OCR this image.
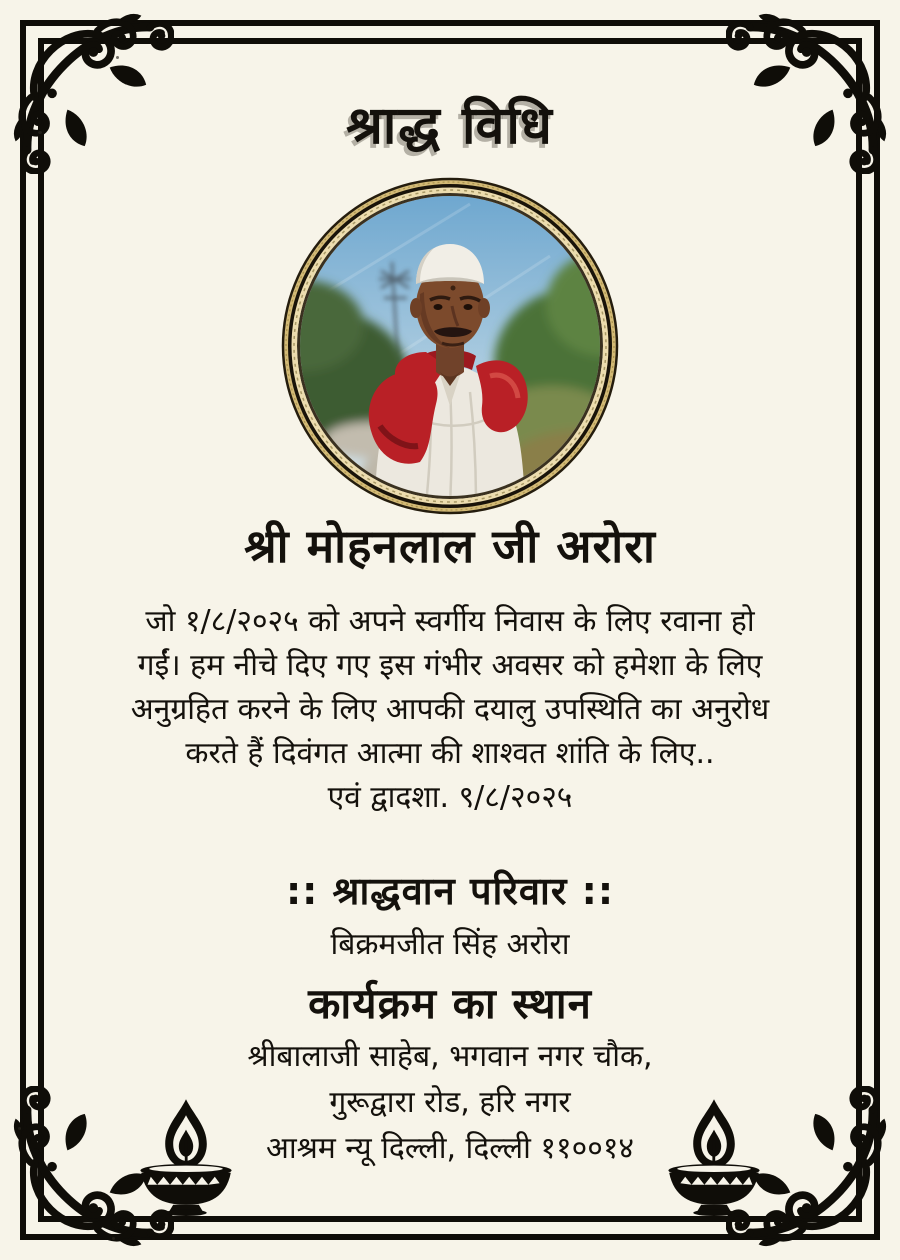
श्राद्ध विधि
श्री मोहनलाल जी अरोरा
जो १/८/२०२५ को अपने स्वर्गीय निवास के लिए रवाना हो
गईं। हम नीचे दिए गए इस गंभीर अवसर को हमेशा के लिए
अनुग्रहित करने के लिए आपकी दयालु उपस्थिति का अनुरोध
करते हैं दिवंगत आत्मा की शाश्वत शांति के लिए..
एवं द्वादशा. ९/८/२०२५
:: श्राद्धवान परिवार ::
बिक्रमजीत सिंह अरोरा
कार्यक्रम का स्थान
श्रीबालाजी साहेब, भगवान नगर चौक,
गुरूद्वारा रोड, हरि नगर
आश्रम न्यू दिल्ली, दिल्ली ११००१४
